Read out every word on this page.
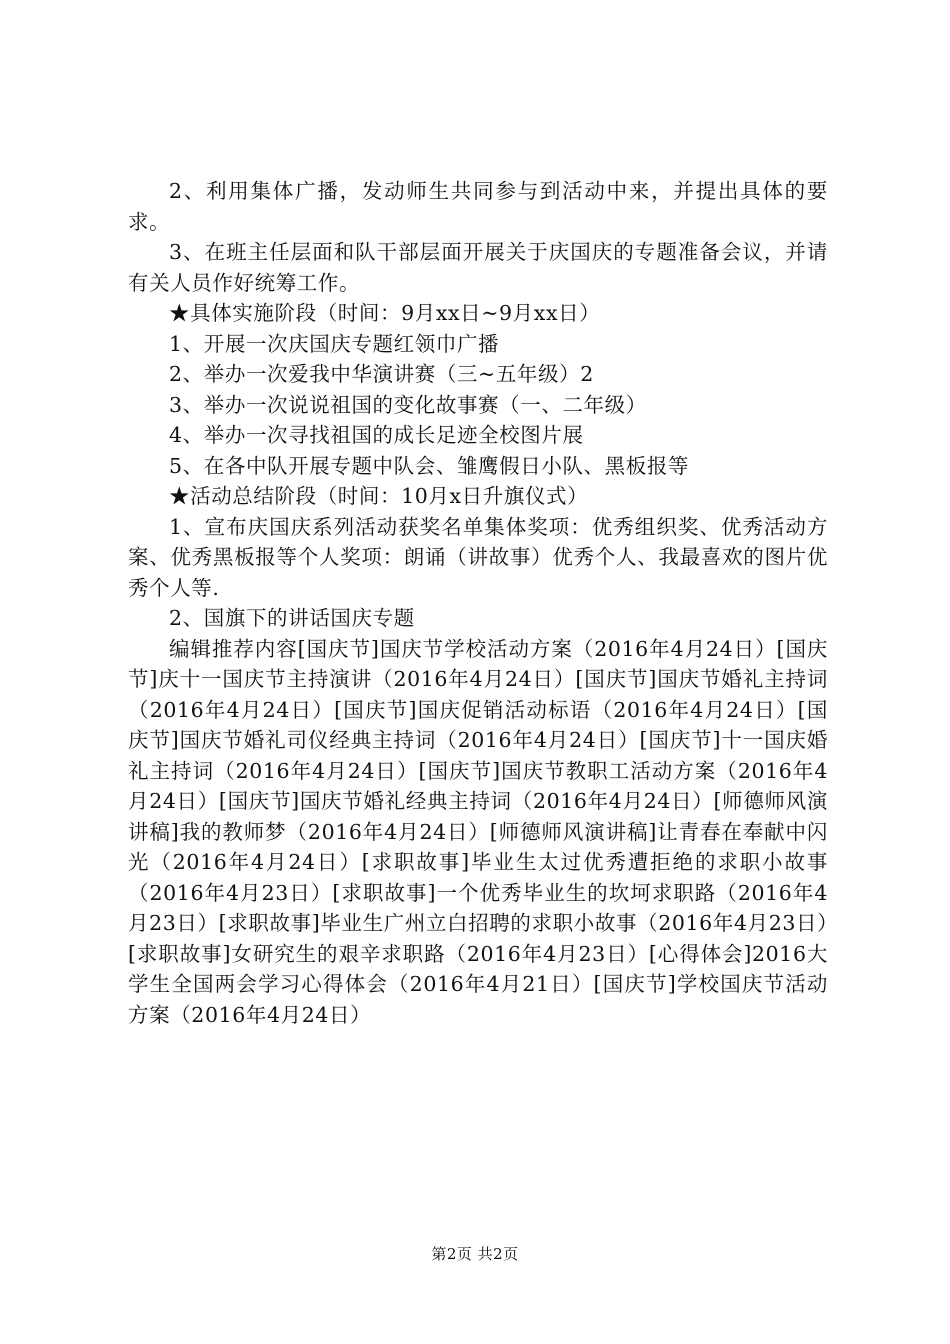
2、利用集体广播，发动师生共同参与到活动中来，并提出具体的要求。

3、在班主任层面和队干部层面开展关于庆国庆的专题准备会议，并请有关人员作好统筹工作。

★具体实施阶段（时间：9月xx日~9月xx日）

1、开展一次庆国庆专题红领巾广播

2、举办一次爱我中华演讲赛（三~五年级）2

3、举办一次说说祖国的变化故事赛（一、二年级）

4、举办一次寻找祖国的成长足迹全校图片展

5、在各中队开展专题中队会、雏鹰假日小队、黑板报等

★活动总结阶段（时间：10月x日升旗仪式）

1、宣布庆国庆系列活动获奖名单集体奖项：优秀组织奖、优秀活动方案、优秀黑板报等个人奖项：朗诵（讲故事）优秀个人、我最喜欢的图片优秀个人等.

2、国旗下的讲话国庆专题

编辑推荐内容[国庆节]国庆节学校活动方案（2016年4月24日）[国庆节]庆十一国庆节主持演讲（2016年4月24日）[国庆节]国庆节婚礼主持词（2016年4月24日）[国庆节]国庆促销活动标语（2016年4月24日）[国庆节]国庆节婚礼司仪经典主持词（2016年4月24日）[国庆节]十一国庆婚礼主持词（2016年4月24日）[国庆节]国庆节教职工活动方案（2016年4月24日）[国庆节]国庆节婚礼经典主持词（2016年4月24日）[师德师风演讲稿]我的教师梦（2016年4月24日）[师德师风演讲稿]让青春在奉献中闪光（2016年4月24日）[求职故事]毕业生太过优秀遭拒绝的求职小故事（2016年4月23日）[求职故事]一个优秀毕业生的坎坷求职路（2016年4月23日）[求职故事]毕业生广州立白招聘的求职小故事（2016年4月23日）[求职故事]女研究生的艰辛求职路（2016年4月23日）[心得体会]2016大学生全国两会学习心得体会（2016年4月21日）[国庆节]学校国庆节活动方案（2016年4月24日）

第2页 共2页
